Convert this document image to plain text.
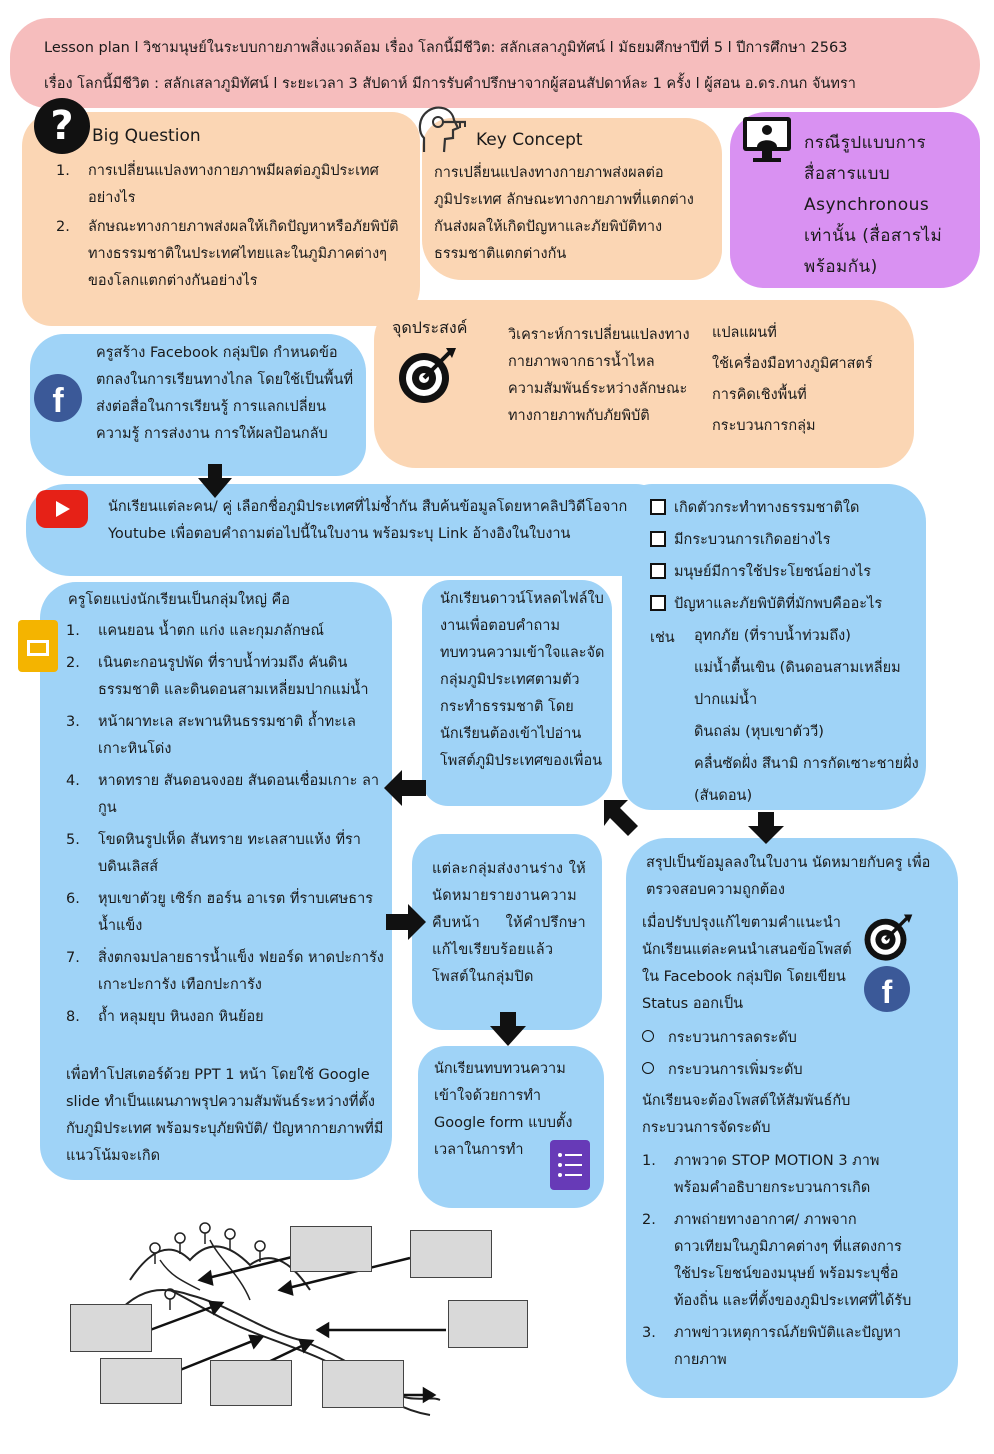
Lesson plan l วิชามนุษย์ในระบบกายภาพสิ่งแวดล้อม เรื่อง โลกนี้มีชีวิต: สลักเสลาภูมิทัศน์ l มัธยมศึกษาปีที่ 5 l ปีการศึกษา 2563
เรื่อง โลกนี้มีชีวิต : สลักเสลาภูมิทัศน์ l ระยะเวลา 3 สัปดาห์ มีการรับคำปรึกษาจากผู้สอนสัปดาห์ละ 1 ครั้ง l ผู้สอน อ.ดร.กนก จันทรา
?	Big Question
1. การเปลี่ยนแปลงทางกายภาพมีผลต่อภูมิประเทศอย่างไร
2. ลักษณะทางกายภาพส่งผลให้เกิดปัญหาหรือภัยพิบัติทางธรรมชาติในประเทศไทยและในภูมิภาคต่างๆ ของโลกแตกต่างกันอย่างไร
Key Concept
การเปลี่ยนแปลงทางกายภาพส่งผลต่อภูมิประเทศ ลักษณะทางกายภาพที่แตกต่างกันส่งผลให้เกิดปัญหาและภัยพิบัติทางธรรมชาติแตกต่างกัน
กรณีรูปแบบการสื่อสารแบบ Asynchronous เท่านั้น (สื่อสารไม่พร้อมกัน)
f
ครูสร้าง Facebook กลุ่มปิด กำหนดข้อตกลงในการเรียนทางไกล โดยใช้เป็นพื้นที่ส่งต่อสื่อในการเรียนรู้ การแลกเปลี่ยนความรู้ การส่งงาน การให้ผลป้อนกลับ
จุดประสงค์	วิเคราะห์การเปลี่ยนแปลงทางกายภาพจากธารน้ำไหล ความสัมพันธ์ระหว่างลักษณะทางกายภาพกับภัยพิบัติ
แปลแผนที่
ใช้เครื่องมือทางภูมิศาสตร์
การคิดเชิงพื้นที่
กระบวนการกลุ่ม
นักเรียนแต่ละคน/ คู่ เลือกชื่อภูมิประเทศที่ไม่ซ้ำกัน สืบค้นข้อมูลโดยหาคลิปวิดีโอจาก Youtube เพื่อตอบคำถามต่อไปนี้ในใบงาน พร้อมระบุ Link อ้างอิงในใบงาน
เกิดตัวกระทำทางธรรมชาติใด
มีกระบวนการเกิดอย่างไร
มนุษย์มีการใช้ประโยชน์อย่างไร
ปัญหาและภัยพิบัติที่มักพบคืออะไร
เช่น อุทกภัย (ที่ราบน้ำท่วมถึง)
แม่น้ำตื้นเขิน (ดินดอนสามเหลี่ยมปากแม่น้ำ
ดินถล่ม (หุบเขาตัววี)
คลื่นซัดฝั่ง สึนามิ การกัดเซาะชายฝั่ง (สันดอน)
ครูโดยแบ่งนักเรียนเป็นกลุ่มใหญ่ คือ
1. แคนยอน น้ำตก แก่ง และกุมภลักษณ์
2. เนินตะกอนรูปพัด ที่ราบน้ำท่วมถึง คันดินธรรมชาติ และดินดอนสามเหลี่ยมปากแม่น้ำ
3. หน้าผาทะเล สะพานหินธรรมชาติ ถ้ำทะเล เกาะหินโด่ง
4. หาดทราย สันดอนจงอย สันดอนเชื่อมเกาะ ลากูน
5. โขดหินรูปเห็ด สันทราย ทะเลสาบแห้ง ที่ราบดินเลิสส์
6. หุบเขาตัวยู เซิร์ก ฮอร์น อาเรต ที่ราบเศษธารน้ำแข็ง
7. สิ่งตกจมปลายธารน้ำแข็ง ฟยอร์ด หาดปะการัง เกาะปะการัง เทือกปะการัง
8. ถ้ำ หลุมยุบ หินงอก หินย้อย
เพื่อทำโปสเตอร์ด้วย PPT 1 หน้า โดยใช้ Google slide ทำเป็นแผนภาพรุปความสัมพันธ์ระหว่างที่ตั้งกับภูมิประเทศ พร้อมระบุภัยพิบัติ/ ปัญหากายภาพที่มีแนวโน้มจะเกิด
นักเรียนดาวน์โหลดไฟล์ใบงานเพื่อตอบคำถามทบทวนความเข้าใจและจัดกลุ่มภูมิประเทศตามตัวกระทำธรรมชาติ โดยนักเรียนต้องเข้าไปอ่านโพสต์ภูมิประเทศของเพื่อน
แต่ละกลุ่มส่งงานร่าง ให้ นัดหมายรายงานความคืบหน้า ให้คำปรึกษา แก้ไขเรียบร้อยแล้วโพสต์ในกลุ่มปิด
นักเรียนทบทวนความเข้าใจด้วยการทำ Google form แบบตั้งเวลาในการทำ
สรุปเป็นข้อมูลลงในใบงาน นัดหมายกับครู เพื่อตรวจสอบความถูกต้อง
เมื่อปรับปรุงแก้ไขตามคำแนะนำ นักเรียนแต่ละคนนำเสนอข้อโพสต์ใน Facebook กลุ่มปิด โดยเขียน Status ออกเป็น	f
กระบวนการลดระดับ
กระบวนการเพิ่มระดับ
นักเรียนจะต้องโพสต์ให้สัมพันธ์กับกระบวนการจัดระดับ
1. ภาพวาด STOP MOTION 3 ภาพ พร้อมคำอธิบายกระบวนการเกิด
2. ภาพถ่ายทางอากาศ/ ภาพจากดาวเทียมในภูมิภาคต่างๆ ที่แสดงการใช้ประโยชน์ของมนุษย์ พร้อมระบุชื่อท้องถิ่น และที่ตั้งของภูมิประเทศที่ได้รับ
3. ภาพข่าวเหตุการณ์ภัยพิบัติและปัญหากายภาพ
